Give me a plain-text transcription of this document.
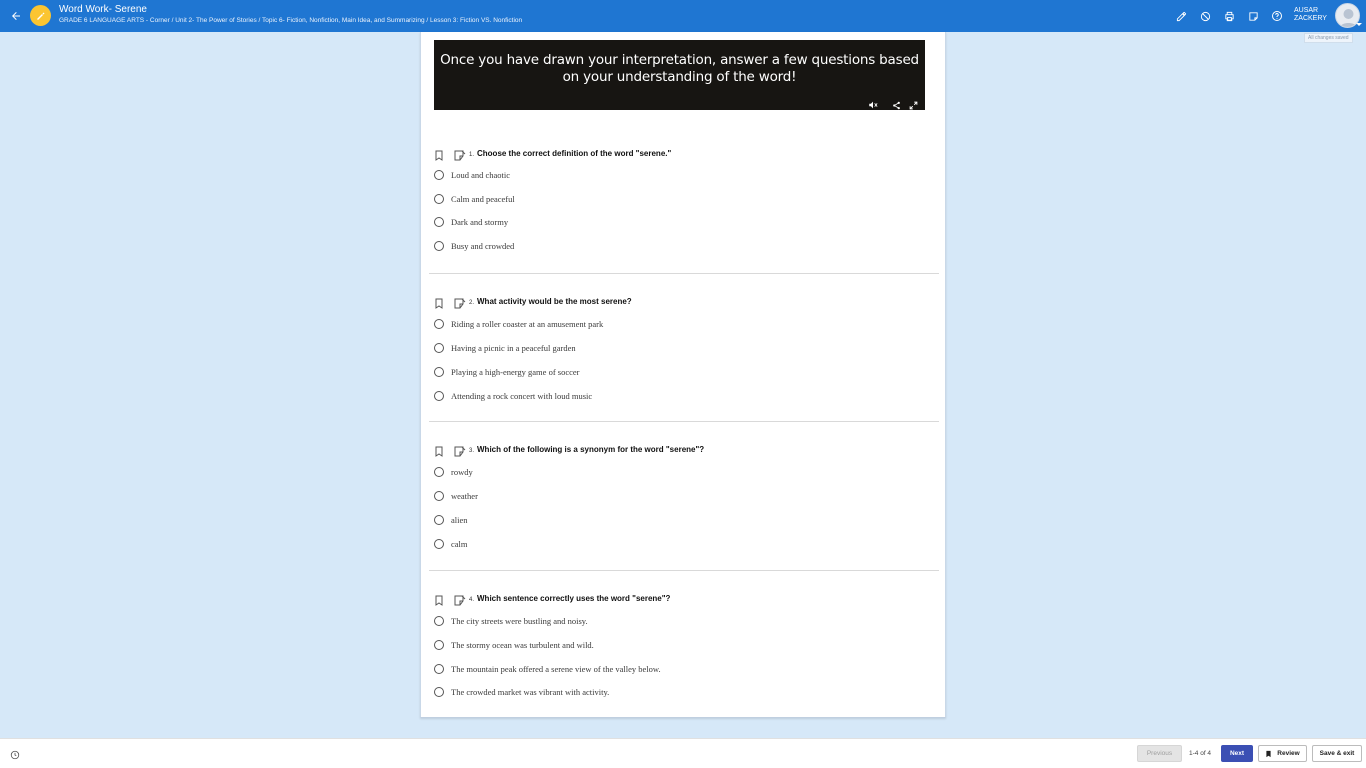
Word Work- Serene
GRADE 6 LANGUAGE ARTS - Corner / Unit 2- The Power of Stories / Topic 6- Fiction, Nonfiction, Main Idea, and Summarizing / Lesson 3: Fiction VS. Nonfiction
AUSAR
ZACKERY
All changes saved
Once you have drawn your interpretation, answer a few questions based on your understanding of the word!
1. Choose the correct definition of the word "serene."
Loud and chaotic
Calm and peaceful
Dark and stormy
Busy and crowded
2. What activity would be the most serene?
Riding a roller coaster at an amusement park
Having a picnic in a peaceful garden
Playing a high-energy game of soccer
Attending a rock concert with loud music
3. Which of the following is a synonym for the word "serene"?
rowdy
weather
alien
calm
4. Which sentence correctly uses the word "serene"?
The city streets were bustling and noisy.
The stormy ocean was turbulent and wild.
The mountain peak offered a serene view of the valley below.
The crowded market was vibrant with activity.
Previous	1-4 of 4	Next	Review	Save & exit
